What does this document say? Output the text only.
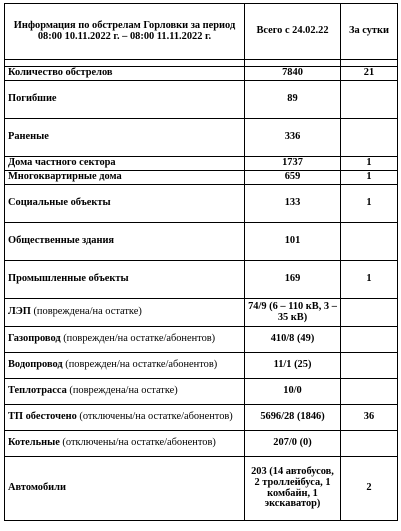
Информация по обстрелам Горловки за период 08:00 10.11.2022 г. – 08:00 11.11.2022 г.	Всего с 24.02.22	За сутки

Количество обстрелов	7840	21
Погибшие	89	
Раненые	336	
Дома частного сектора	1737	1
Многоквартирные дома	659	1
Социальные объекты	133	1
Общественные здания	101	
Промышленные объекты	169	1
ЛЭП (повреждена/на остатке)	74/9 (6 – 110 кВ, 3 – 35 кВ)	
Газопровод (поврежден/на остатке/абонентов)	410/8 (49)	
Водопровод (поврежден/на остатке/абонентов)	11/1 (25)	
Теплотрасса (повреждена/на остатке)	10/0	
ТП обесточено (отключены/на остатке/абонентов)	5696/28 (1846)	36
Котельные (отключены/на остатке/абонентов)	207/0 (0)	
Автомобили	203 (14 автобусов, 2 троллейбуса, 1 комбайн, 1 экскаватор)	2
